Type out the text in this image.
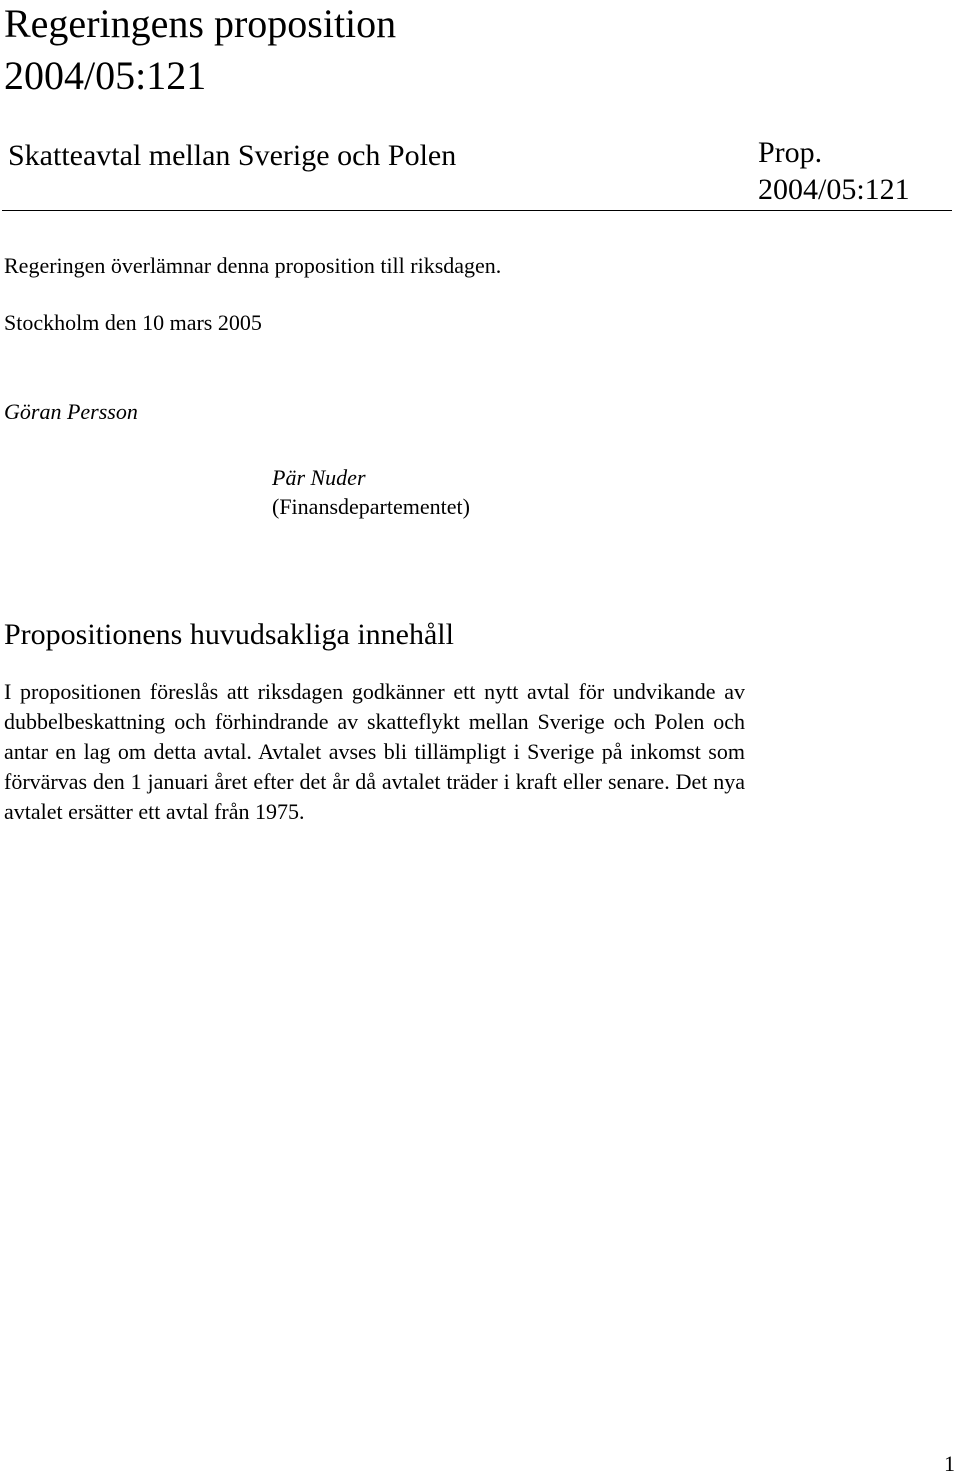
Regeringens proposition 2004/05:121
Skatteavtal mellan Sverige och Polen	Prop.
2004/05:121

Regeringen överlämnar denna proposition till riksdagen.

Stockholm den 10 mars 2005

Göran Persson

Pär Nuder

(Finansdepartementet)

Propositionens huvudsakliga innehåll

I propositionen föreslås att riksdagen godkänner ett nytt avtal för undvikande av dubbelbeskattning och förhindrande av skatteflykt mellan Sverige och Polen och antar en lag om detta avtal. Avtalet avses bli tillämpligt i Sverige på inkomst som förvärvas den 1 januari året efter det år då avtalet träder i kraft eller senare. Det nya avtalet ersätter ett avtal från 1975.

1
